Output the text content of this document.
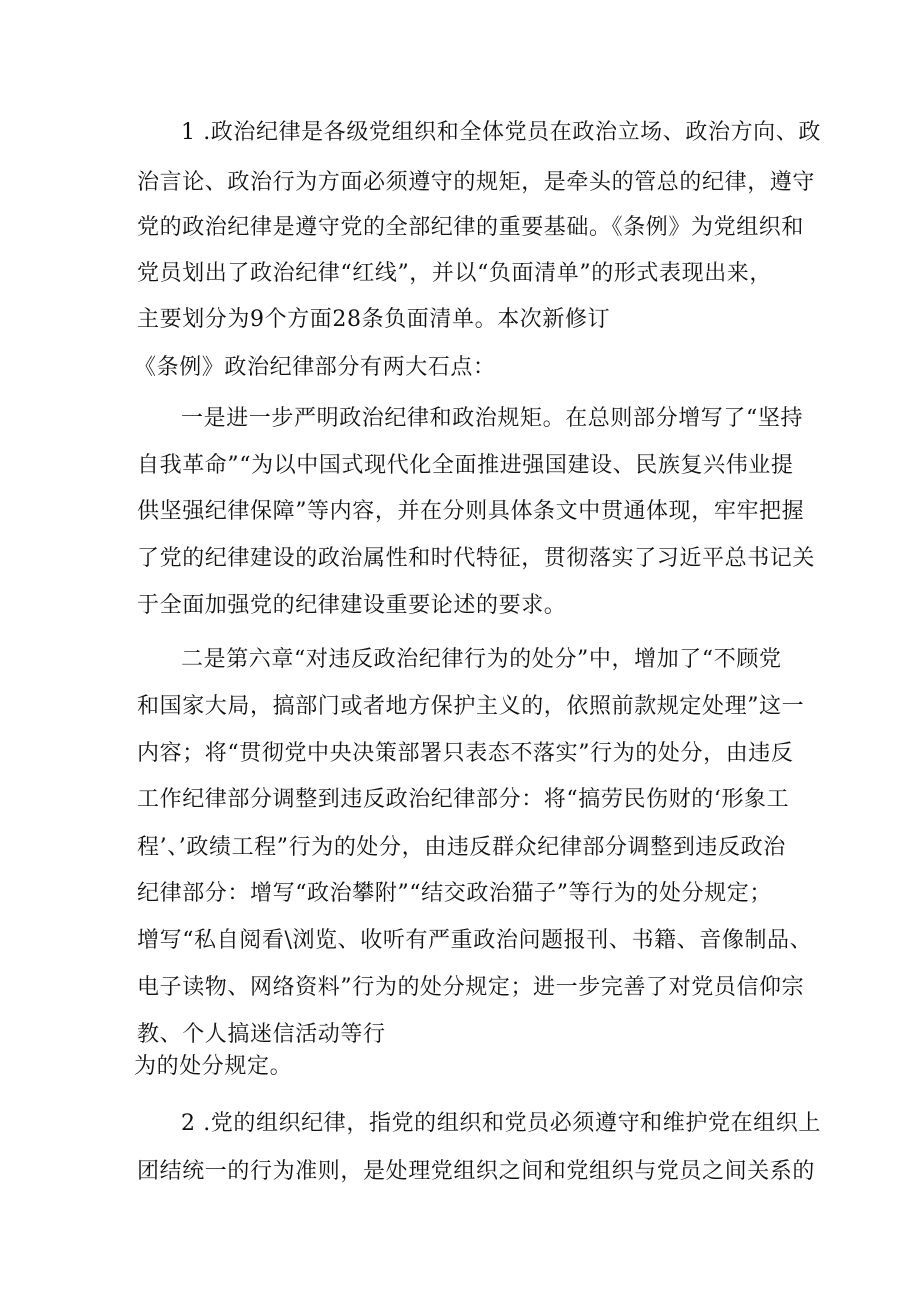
1 .政治纪律是各级党组织和全体党员在政治立场、政治方向、政
治言论、政治行为方面必须遵守的规矩，是牵头的管总的纪律，遵守
党的政治纪律是遵守党的全部纪律的重要基础。《条例》为党组织和
党员划出了政治纪律“红线”，并以“负面清单”的形式表现出来，
主要划分为9个方面28条负面清单。本次新修订
《条例》政治纪律部分有两大石点：
一是进一步严明政治纪律和政治规矩。在总则部分增写了“坚持
自我革命”“为以中国式现代化全面推进强国建设、民族复兴伟业提
供坚强纪律保障”等内容，并在分则具体条文中贯通体现，牢牢把握
了党的纪律建设的政治属性和时代特征，贯彻落实了习近平总书记关
于全面加强党的纪律建设重要论述的要求。
二是第六章“对违反政治纪律行为的处分”中，增加了“不顾党
和国家大局，搞部门或者地方保护主义的，依照前款规定处理”这一
内容；将“贯彻党中央决策部署只表态不落实”行为的处分，由违反
工作纪律部分调整到违反政治纪律部分：将“搞劳民伤财的‘形象工
程’、’政绩工程”行为的处分，由违反群众纪律部分调整到违反政治
纪律部分：增写“政治攀附”“结交政治猫子”等行为的处分规定；
增写“私自阅看\浏览、收听有严重政治问题报刊、书籍、音像制品、
电子读物、网络资料”行为的处分规定；进一步完善了对党员信仰宗
教、个人搞迷信活动等行
为的处分规定。
2 .党的组织纪律，指党的组织和党员必须遵守和维护党在组织上
团结统一的行为准则，是处理党组织之间和党组织与党员之间关系的
